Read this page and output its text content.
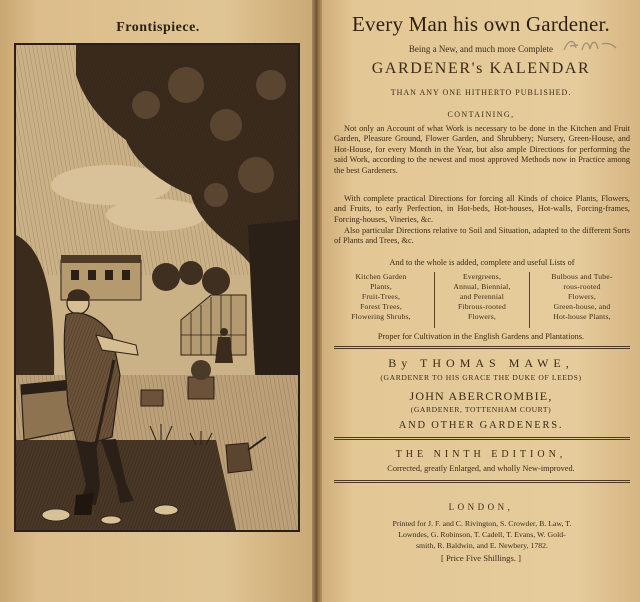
Frontispiece.	Every Man his own Gardener.
Being a New, and much more Complete
GARDENER's KALENDAR
THAN ANY ONE HITHERTO PUBLISHED.
CONTAINING,
Not only an Account of what Work is necessary to be done in the Kitchen and Fruit Garden, Pleasure Ground, Flower Garden, and Shrubbery; Nursery, Green-House, and Hot-House, for every Month in the Year, but also ample Directions for performing the said Work, according to the newest and most approved Methods now in Practice among the best Gardeners.
With complete practical Directions for forcing all Kinds of choice Plants, Flowers, and Fruits, to early Perfection, in Hot-beds, Hot-houses, Hot-walls, Forcing-frames, Forcing-houses, Vineries, &c.
Also particular Directions relative to Soil and Situation, adapted to the different Sorts of Plants and Trees, &c.
And to the whole is added, complete and useful Lists of
Kitchen Garden
Plants,
Fruit-Trees,
Forest Trees,
Flowering Shrubs,
Evergreens,
Annual, Biennial,
and Perennial
Fibrous-rooted
Flowers,
Bulbous and Tube-
rous-rooted
Flowers,
Green-house, and
Hot-house Plants,
Proper for Cultivation in the English Gardens and Plantations.
By THOMAS MAWE,
(GARDENER TO HIS GRACE THE DUKE OF LEEDS)
JOHN ABERCROMBIE,
(GARDENER, TOTTENHAM COURT)
AND OTHER GARDENERS.
THE NINTH EDITION,
Corrected, greatly Enlarged, and wholly New-improved.
LONDON,
Printed for J. F. and C. Rivington, S. Crowder, B. Law, T.
Lowndes, G. Robinson, T. Cadell, T. Evans, W. Gold-
smith, R. Baldwin, and E. Newbery, 1782.
[ Price Five Shillings. ]
